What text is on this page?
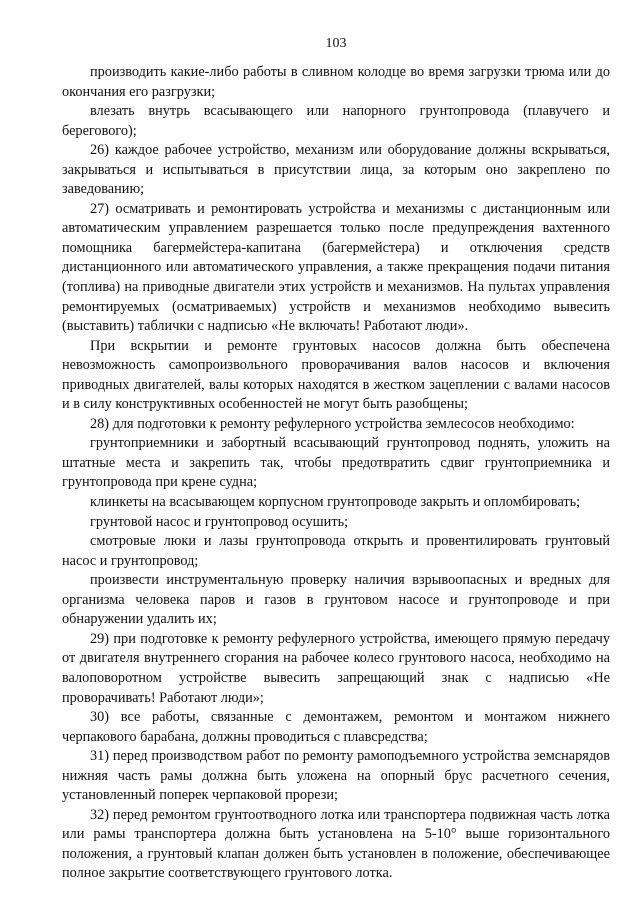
103

производить какие-либо работы в сливном колодце во время загрузки трюма или до окончания его разгрузки;

влезать внутрь всасывающего или напорного грунтопровода (плавучего и берегового);

26) каждое рабочее устройство, механизм или оборудование должны вскрываться, закрываться и испытываться в присутствии лица, за которым оно закреплено по заведованию;

27) осматривать и ремонтировать устройства и механизмы с дистанционным или автоматическим управлением разрешается только после предупреждения вахтенного помощника багермейстера-капитана (багермейстера) и отключения средств дистанционного или автоматического управления, а также прекращения подачи питания (топлива) на приводные двигатели этих устройств и механизмов. На пультах управления ремонтируемых (осматриваемых) устройств и механизмов необходимо вывесить (выставить) таблички с надписью «Не включать! Работают люди».

При вскрытии и ремонте грунтовых насосов должна быть обеспечена невозможность самопроизвольного проворачивания валов насосов и включения приводных двигателей, валы которых находятся в жестком зацеплении с валами насосов и в силу конструктивных особенностей не могут быть разобщены;

28) для подготовки к ремонту рефулерного устройства землесосов необходимо:

грунтоприемники и забортный всасывающий грунтопровод поднять, уложить на штатные места и закрепить так, чтобы предотвратить сдвиг грунтоприемника и грунтопровода при крене судна;

клинкеты на всасывающем корпусном грунтопроводе закрыть и опломбировать;

грунтовой насос и грунтопровод осушить;

смотровые люки и лазы грунтопровода открыть и провентилировать грунтовый насос и грунтопровод;

произвести инструментальную проверку наличия взрывоопасных и вредных для организма человека паров и газов в грунтовом насосе и грунтопроводе и при обнаружении удалить их;

29) при подготовке к ремонту рефулерного устройства, имеющего прямую передачу от двигателя внутреннего сгорания на рабочее колесо грунтового насоса, необходимо на валоповоротном устройстве вывесить запрещающий знак с надписью «Не проворачивать! Работают люди»;

30) все работы, связанные с демонтажем, ремонтом и монтажом нижнего черпакового барабана, должны проводиться с плавсредства;

31) перед производством работ по ремонту рамоподъемного устройства земснарядов нижняя часть рамы должна быть уложена на опорный брус расчетного сечения, установленный поперек черпаковой прорези;

32) перед ремонтом грунтоотводного лотка или транспортера подвижная часть лотка или рамы транспортера должна быть установлена на 5-10° выше горизонтального положения, а грунтовый клапан должен быть установлен в положение, обеспечивающее полное закрытие соответствующего грунтового лотка.
